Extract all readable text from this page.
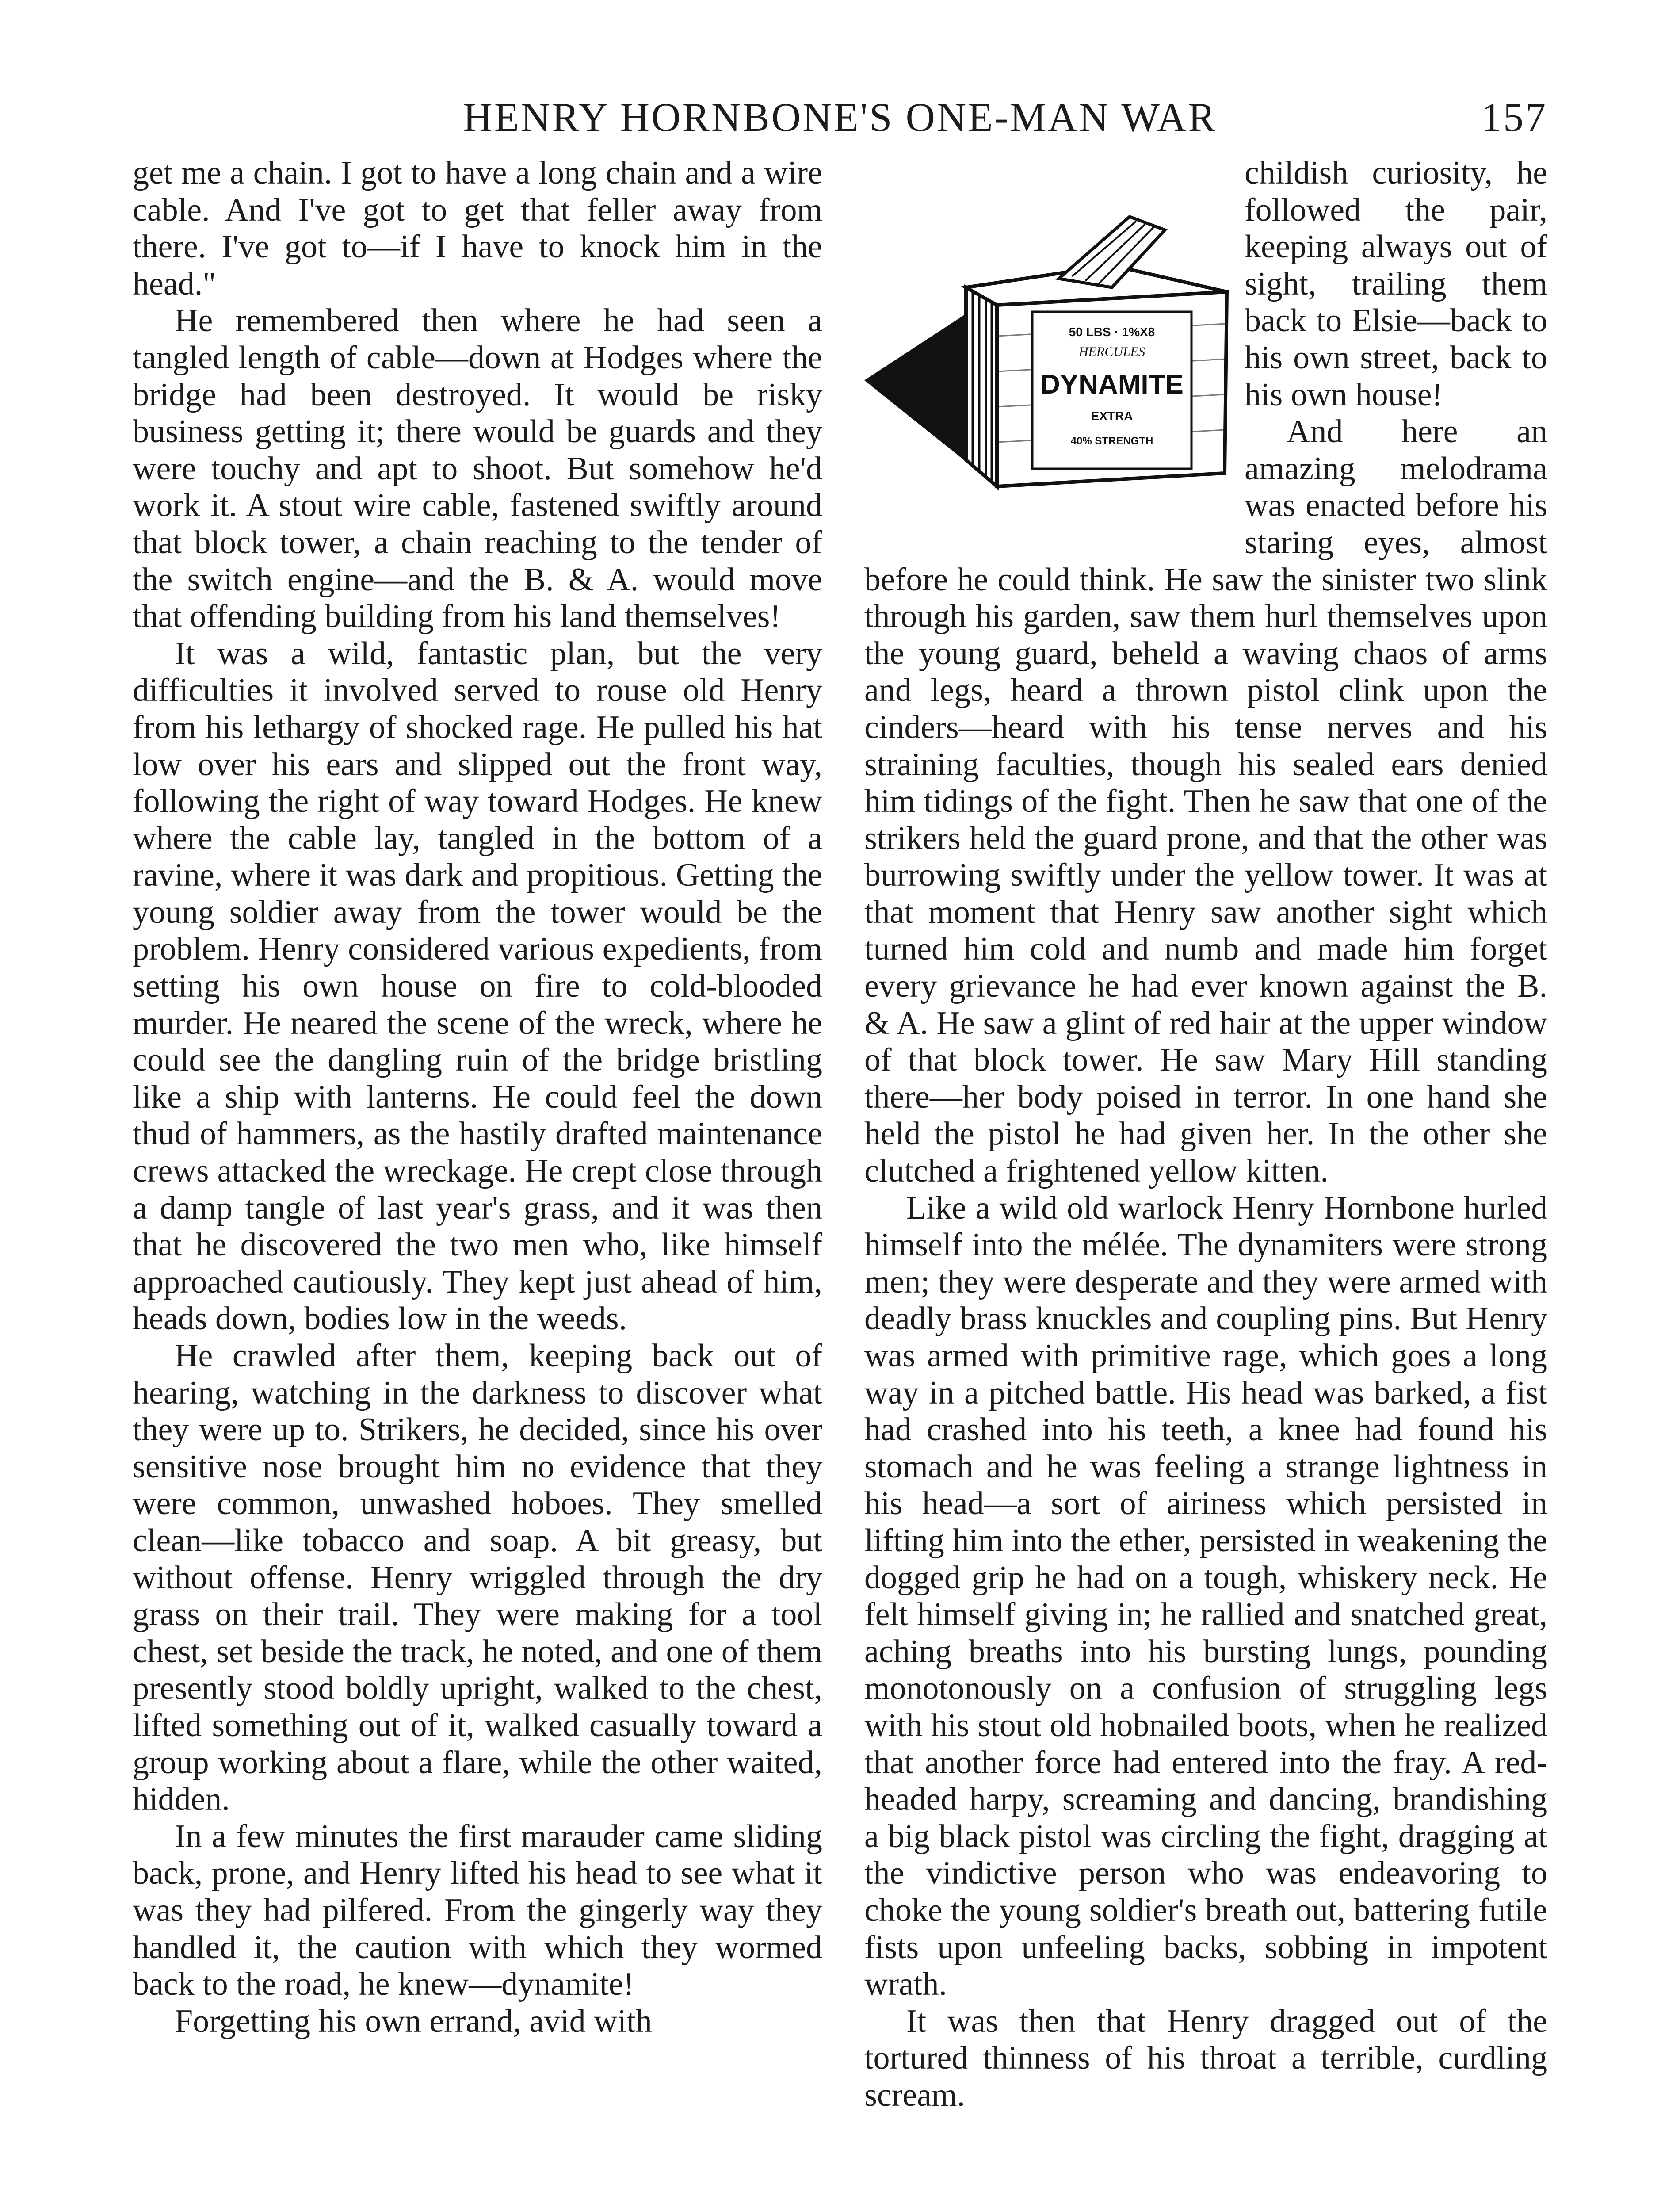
HENRY HORNBONE'S ONE-MAN WAR	157

get me a chain. I got to have a long chain and a wire cable. And I've got to get that feller away from there. I've got to—if I have to knock him in the head."

He remembered then where he had seen a tangled length of cable—down at Hodges where the bridge had been destroyed. It would be risky business getting it; there would be guards and they were touchy and apt to shoot. But somehow he'd work it. A stout wire cable, fastened swiftly around that block tower, a chain reaching to the tender of the switch engine—and the B. & A. would move that offending building from his land themselves!

It was a wild, fantastic plan, but the very difficulties it involved served to rouse old Henry from his lethargy of shocked rage. He pulled his hat low over his ears and slipped out the front way, following the right of way toward Hodges. He knew where the cable lay, tangled in the bottom of a ravine, where it was dark and propitious. Getting the young soldier away from the tower would be the problem. Henry considered various expedients, from setting his own house on fire to cold-blooded murder. He neared the scene of the wreck, where he could see the dangling ruin of the bridge bristling like a ship with lanterns. He could feel the down thud of hammers, as the hastily drafted maintenance crews attacked the wreckage. He crept close through a damp tangle of last year's grass, and it was then that he discovered the two men who, like himself approached cautiously. They kept just ahead of him, heads down, bodies low in the weeds.

He crawled after them, keeping back out of hearing, watching in the darkness to discover what they were up to. Strikers, he decided, since his over sensitive nose brought him no evidence that they were common, unwashed hoboes. They smelled clean—like tobacco and soap. A bit greasy, but without offense. Henry wriggled through the dry grass on their trail. They were making for a tool chest, set beside the track, he noted, and one of them presently stood boldly upright, walked to the chest, lifted something out of it, walked casually toward a group working about a flare, while the other waited, hidden.

In a few minutes the first marauder came sliding back, prone, and Henry lifted his head to see what it was they had pilfered. From the gingerly way they handled it, the caution with which they wormed back to the road, he knew—dynamite!

Forgetting his own errand, avid with

50 LBS · 1%X8
HERCULES
DYNAMITE
EXTRA
40% STRENGTH

childish curiosity, he followed the pair, keeping always out of sight, trailing them back to Elsie—back to his own street, back to his own house!

And here an amazing melodrama was enacted before his staring eyes, almost before he could think. He saw the sinister two slink through his garden, saw them hurl themselves upon the young guard, beheld a waving chaos of arms and legs, heard a thrown pistol clink upon the cinders—heard with his tense nerves and his straining faculties, though his sealed ears denied him tidings of the fight. Then he saw that one of the strikers held the guard prone, and that the other was burrowing swiftly under the yellow tower. It was at that moment that Henry saw another sight which turned him cold and numb and made him forget every grievance he had ever known against the B. & A. He saw a glint of red hair at the upper window of that block tower. He saw Mary Hill standing there—her body poised in terror. In one hand she held the pistol he had given her. In the other she clutched a frightened yellow kitten.

Like a wild old warlock Henry Hornbone hurled himself into the mélée. The dynamiters were strong men; they were desperate and they were armed with deadly brass knuckles and coupling pins. But Henry was armed with primitive rage, which goes a long way in a pitched battle. His head was barked, a fist had crashed into his teeth, a knee had found his stomach and he was feeling a strange lightness in his head—a sort of airiness which persisted in lifting him into the ether, persisted in weakening the dogged grip he had on a tough, whiskery neck. He felt himself giving in; he rallied and snatched great, aching breaths into his bursting lungs, pounding monotonously on a confusion of struggling legs with his stout old hobnailed boots, when he realized that another force had entered into the fray. A red-headed harpy, screaming and dancing, brandishing a big black pistol was circling the fight, dragging at the vindictive person who was endeavoring to choke the young soldier's breath out, battering futile fists upon unfeeling backs, sobbing in impotent wrath.

It was then that Henry dragged out of the tortured thinness of his throat a terrible, curdling scream.
